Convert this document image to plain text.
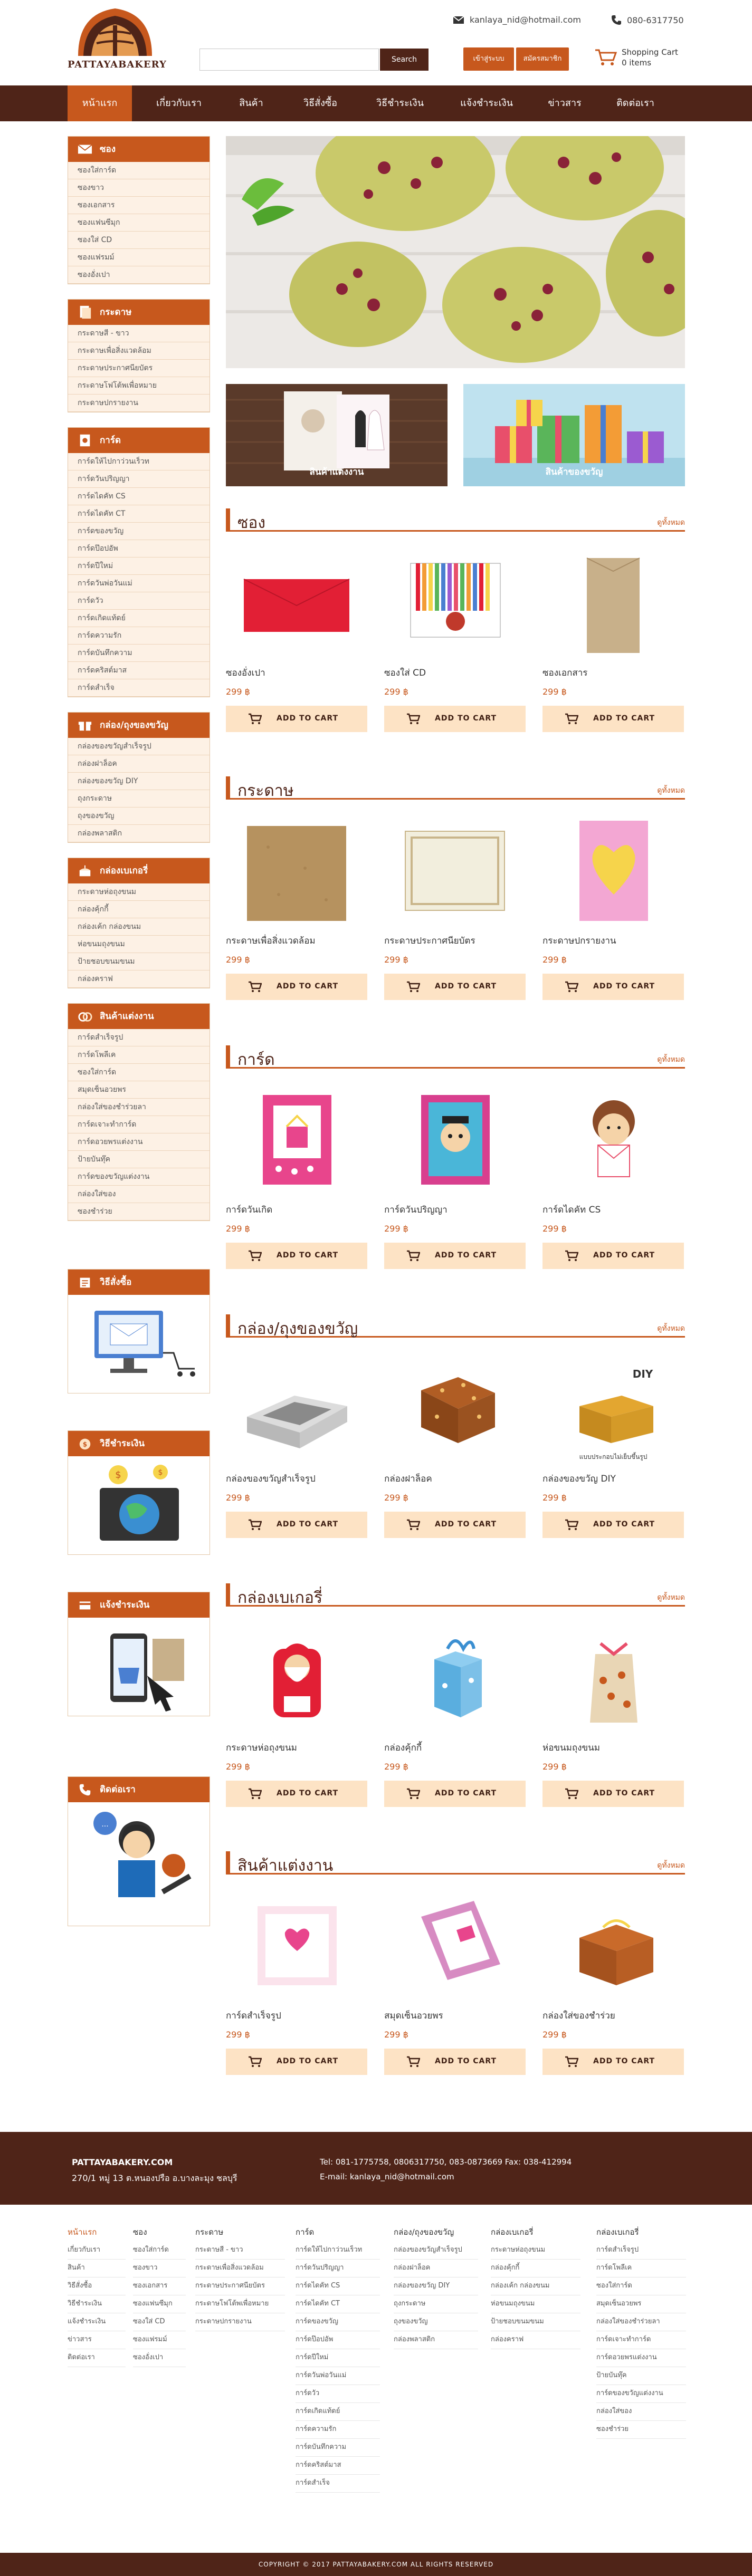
PATTAYABAKERY
kanlaya_nid@hotmail.com	080-6317750
Search	เข้าสู่ระบบ	สมัครสมาชิก
Shopping Cart
0 items
หน้าแรก	เกี่ยวกับเรา	สินค้า	วิธีสั่งซื้อ	วิธีชำระเงิน	แจ้งชำระเงิน	ข่าวสาร	ติดต่อเรา
ซอง
ซองใส่การ์ด
ซองขาว
ซองเอกสาร
ซองแฟนซีมุก
ซองใส่ CD
ซองแฟรมม์
ซองอั่งเปา
กระดาษ
กระดาษสี - ขาว
กระดาษเพื่อสิ่งแวดล้อม
กระดาษประกาศนียบัตร
กระดาษโฟโต้พเพื่อหมาย
กระดาษปกรายงาน
การ์ด
การ์ดให้ไปกาว่วนเร็วท
การ์ดวันปริญญา
การ์ดไดคัท CS
การ์ดไดคัท CT
การ์ดของขวัญ
การ์ดป๊อปอัพ
การ์ดปีใหม่
การ์ดวันพ่อวันแม่
การ์ดวัว
การ์ดเกิดแท้ดย์
การ์ดความรัก
การ์ดบันทึกความ
การ์ดคริสต์มาส
การ์ดสำเร็จ
กล่อง/ถุงของขวัญ
กล่องของขวัญสำเร็จรูป
กล่องฝาล็อค
กล่องของขวัญ DIY
ถุงกระดาษ
ถุงของขวัญ
กล่องพลาสติก
กล่องเบเกอรี่
กระดาษห่อถุงขนม
กล่องคุ้กกี้
กล่องเค้ก กล่องขนม
ห่อขนมถุงขนม
ป้ายชอบขนมขนม
กล่องคราฟ
สินค้าแต่งงาน
การ์ดสำเร็จรูป
การ์ดโพลีเค
ซองใส่การ์ด
สมุดเซ็นอวยพร
กล่องใส่ของชำร่วยลา
การ์ดเจาะทำการ์ด
การ์ดอวยพรแต่งงาน
ป้ายบันทุ๊ค
การ์ดของขวัญแต่งงาน
กล่องใส่ของ
ซองชำร่วย
วิธีสั่งซื้อ
$ วิธีชำระเงิน
$	$
แจ้งชำระเงิน
ติดต่อเรา
...
สินค้าแต่งงาน	สินค้าของขวัญ
ซอง	ดูทั้งหมด
ซองอั่งเปา
299 ฿
ADD TO CART
ซองใส่ CD
299 ฿
ADD TO CART
ซองเอกสาร
299 ฿
ADD TO CART
กระดาษ	ดูทั้งหมด
กระดาษเพื่อสิ่งแวดล้อม
299 ฿
ADD TO CART
กระดาษประกาศนียบัตร
299 ฿
ADD TO CART
กระดาษปกรายงาน
299 ฿
ADD TO CART
การ์ด	ดูทั้งหมด
การ์ดวันเกิด
299 ฿
ADD TO CART
การ์ดวันปริญญา
299 ฿
ADD TO CART
การ์ดไดคัท CS
299 ฿
ADD TO CART
กล่อง/ถุงของขวัญ	ดูทั้งหมด
กล่องของขวัญสำเร็จรูป
299 ฿
ADD TO CART
กล่องฝาล็อค
299 ฿
ADD TO CART
DIY
แบบประกอบไม่เย็บขึ้นรูป
กล่องของขวัญ DIY
299 ฿
ADD TO CART
กล่องเบเกอรี่	ดูทั้งหมด
กระดาษห่อถุงขนม
299 ฿
ADD TO CART
กล่องคุ้กกี้
299 ฿
ADD TO CART
ห่อขนมถุงขนม
299 ฿
ADD TO CART
สินค้าแต่งงาน	ดูทั้งหมด
การ์ดสำเร็จรูป
299 ฿
ADD TO CART
สมุดเซ็นอวยพร
299 ฿
ADD TO CART
กล่องใส่ของชำร่วย
299 ฿
ADD TO CART
PATTAYABAKERY.COM
270/1 หมู่ 13 ต.หนองปรือ อ.บางละมุง ชลบุรี
Tel: 081-1775758, 0806317750, 083-0873669 Fax: 038-412994
E-mail: kanlaya_nid@hotmail.com
หน้าแรก
เกี่ยวกับเรา
สินค้า
วิธีสั่งซื้อ
วิธีชำระเงิน
แจ้งชำระเงิน
ข่าวสาร
ติดต่อเรา
ซอง
ซองใส่การ์ด
ซองขาว
ซองเอกสาร
ซองแฟนซีมุก
ซองใส่ CD
ซองแฟรมม์
ซองอั่งเปา
กระดาษ
กระดาษสี - ขาว
กระดาษเพื่อสิ่งแวดล้อม
กระดาษประกาศนียบัตร
กระดาษโฟโต้พเพื่อหมาย
กระดาษปกรายงาน
การ์ด
การ์ดให้ไปกาว่วนเร็วท
การ์ดวันปริญญา
การ์ดไดคัท CS
การ์ดไดคัท CT
การ์ดของขวัญ
การ์ดป๊อปอัพ
การ์ดปีใหม่
การ์ดวันพ่อวันแม่
การ์ดวัว
การ์ดเกิดแท้ดย์
การ์ดความรัก
การ์ดบันทึกความ
การ์ดคริสต์มาส
การ์ดสำเร็จ
กล่อง/ถุงของขวัญ
กล่องของขวัญสำเร็จรูป
กล่องฝาล็อค
กล่องของขวัญ DIY
ถุงกระดาษ
ถุงของขวัญ
กล่องพลาสติก
กล่องเบเกอรี่
กระดาษห่อถุงขนม
กล่องคุ้กกี้
กล่องเค้ก กล่องขนม
ห่อขนมถุงขนม
ป้ายชอบขนมขนม
กล่องคราฟ
กล่องเบเกอรี่
การ์ดสำเร็จรูป
การ์ดโพลีเค
ซองใส่การ์ด
สมุดเซ็นอวยพร
กล่องใส่ของชำร่วยลา
การ์ดเจาะทำการ์ด
การ์ดอวยพรแต่งงาน
ป้ายบันทุ๊ค
การ์ดของขวัญแต่งงาน
กล่องใส่ของ
ซองชำร่วย
COPYRIGHT © 2017 PATTAYABAKERY.COM ALL RIGHTS RESERVED
